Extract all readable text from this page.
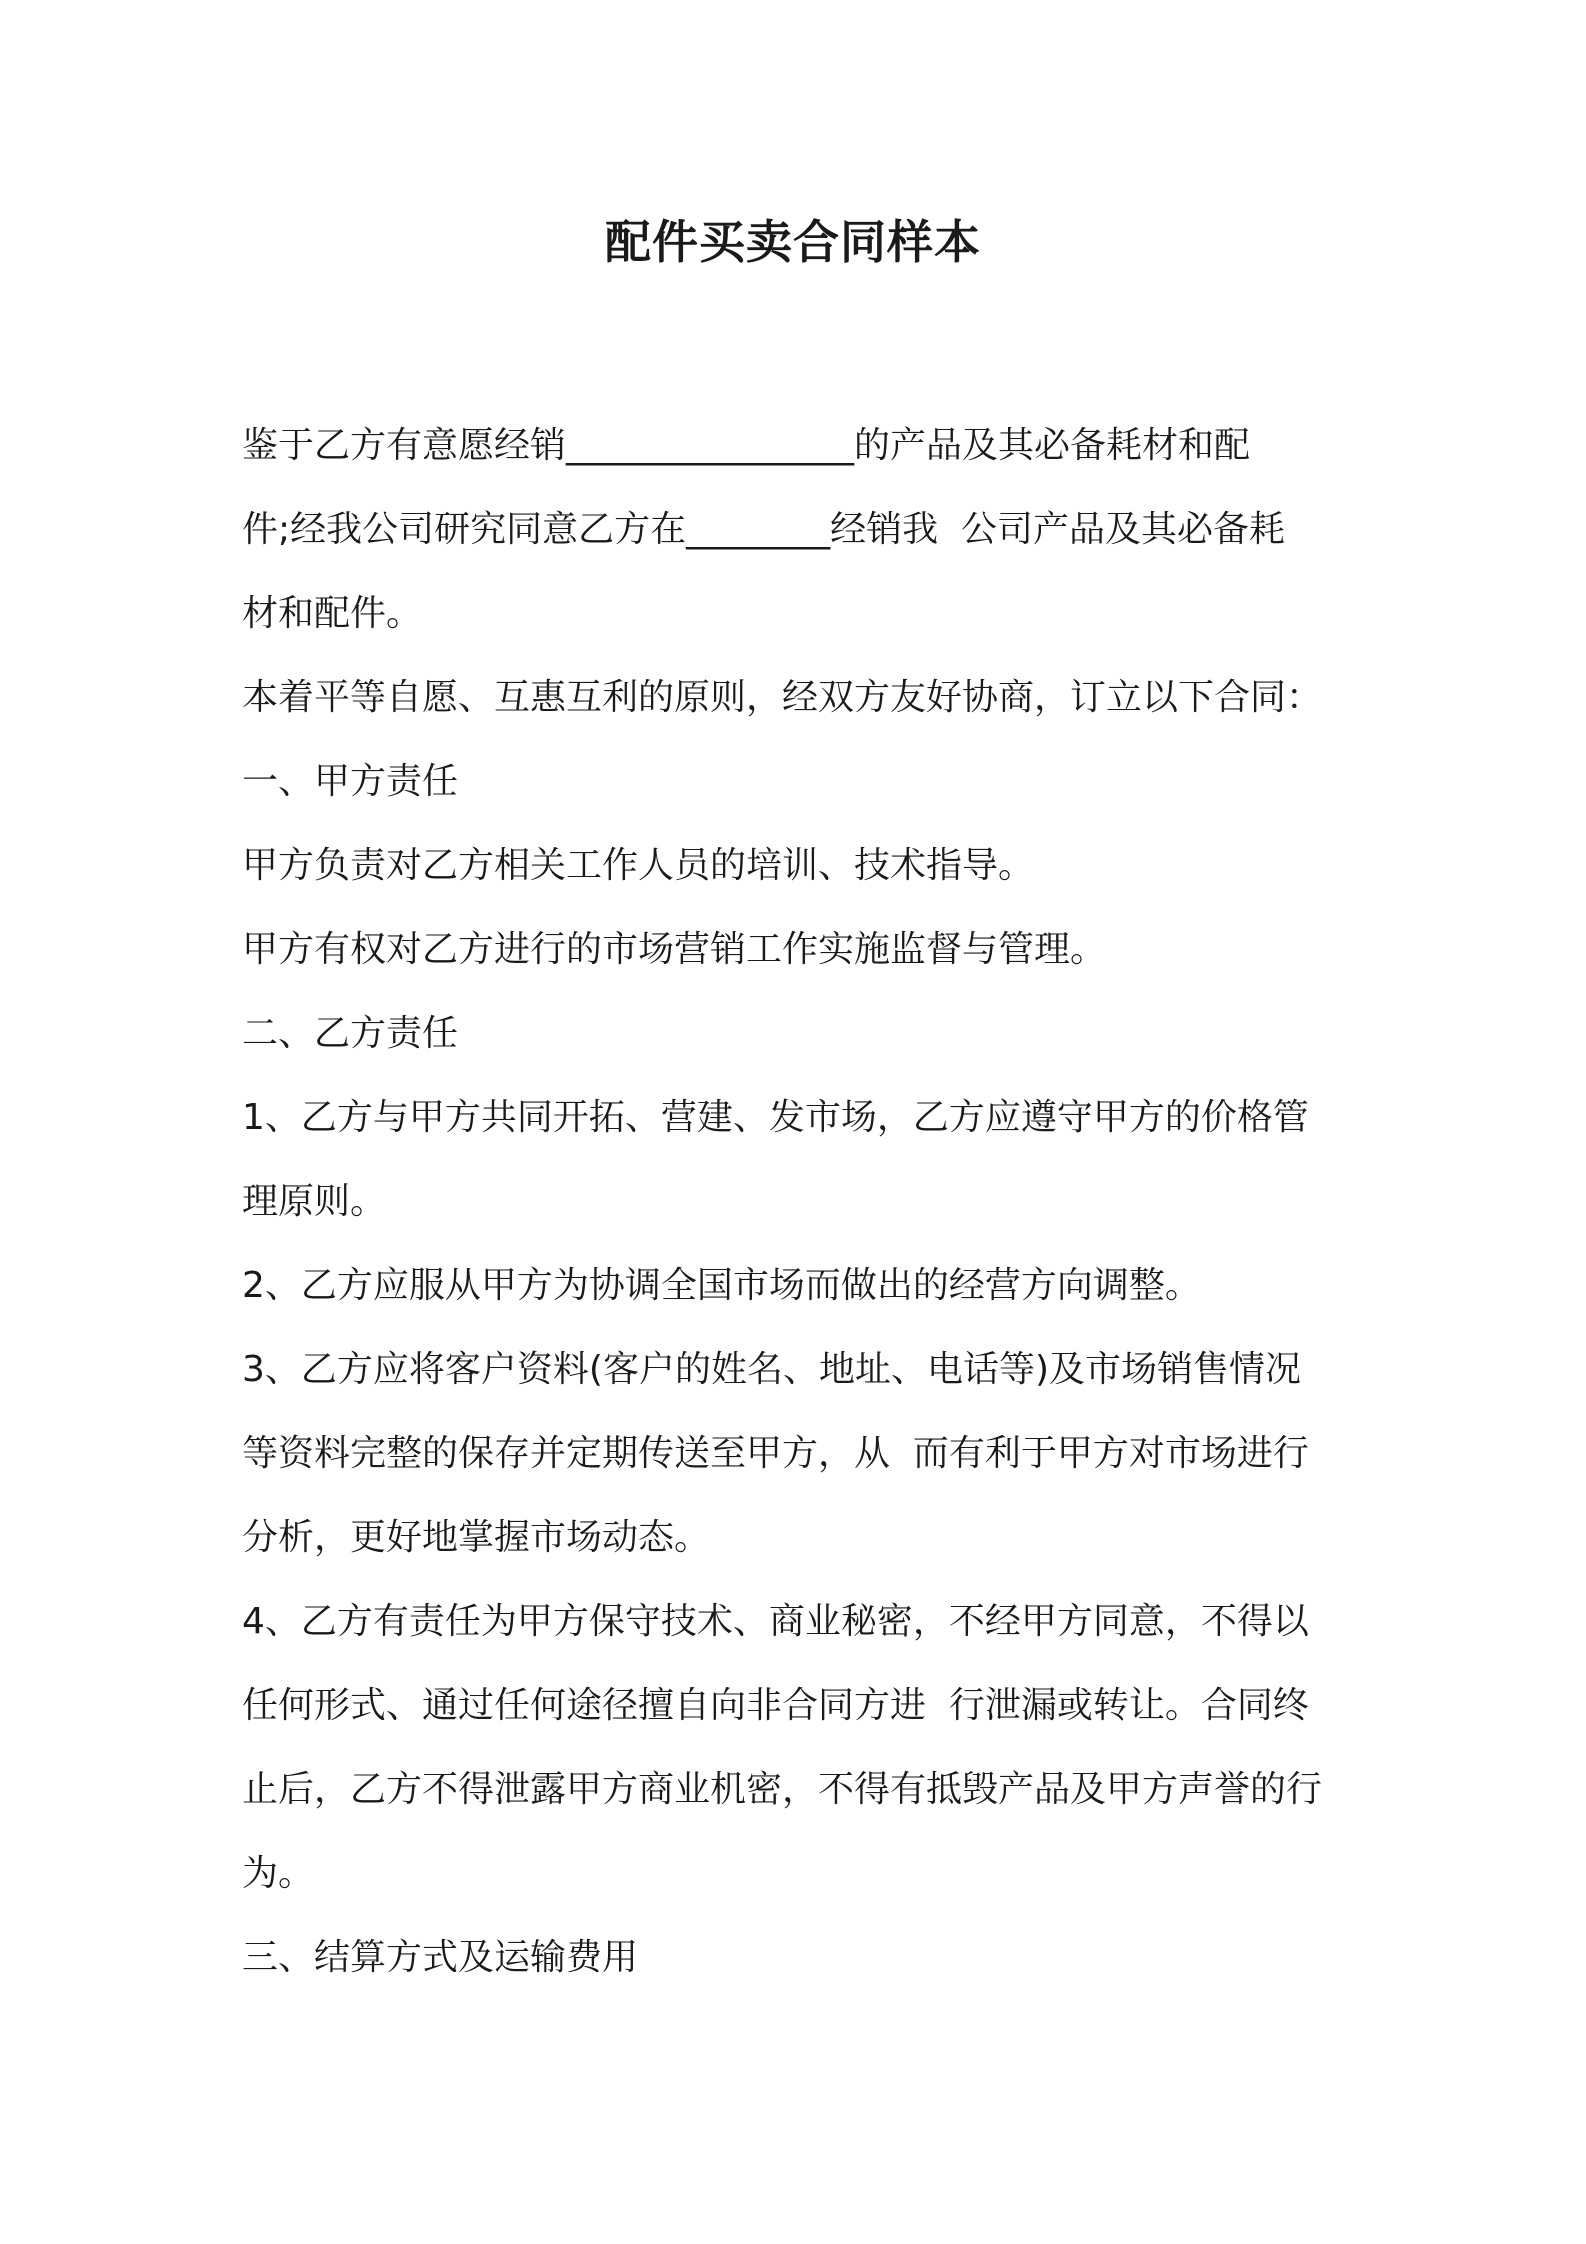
配件买卖合同样本
鉴于乙方有意愿经销________________的产品及其必备耗材和配
件;经我公司研究同意乙方在________经销我  公司产品及其必备耗
材和配件。
本着平等自愿、互惠互利的原则，经双方友好协商，订立以下合同：
一、甲方责任
甲方负责对乙方相关工作人员的培训、技术指导。
甲方有权对乙方进行的市场营销工作实施监督与管理。
二、乙方责任
1、乙方与甲方共同开拓、营建、发市场，乙方应遵守甲方的价格管
理原则。
2、乙方应服从甲方为协调全国市场而做出的经营方向调整。
3、乙方应将客户资料(客户的姓名、地址、电话等)及市场销售情况
等资料完整的保存并定期传送至甲方，从  而有利于甲方对市场进行
分析，更好地掌握市场动态。
4、乙方有责任为甲方保守技术、商业秘密，不经甲方同意，不得以
任何形式、通过任何途径擅自向非合同方进  行泄漏或转让。合同终
止后，乙方不得泄露甲方商业机密，不得有抵毁产品及甲方声誉的行
为。
三、结算方式及运输费用
